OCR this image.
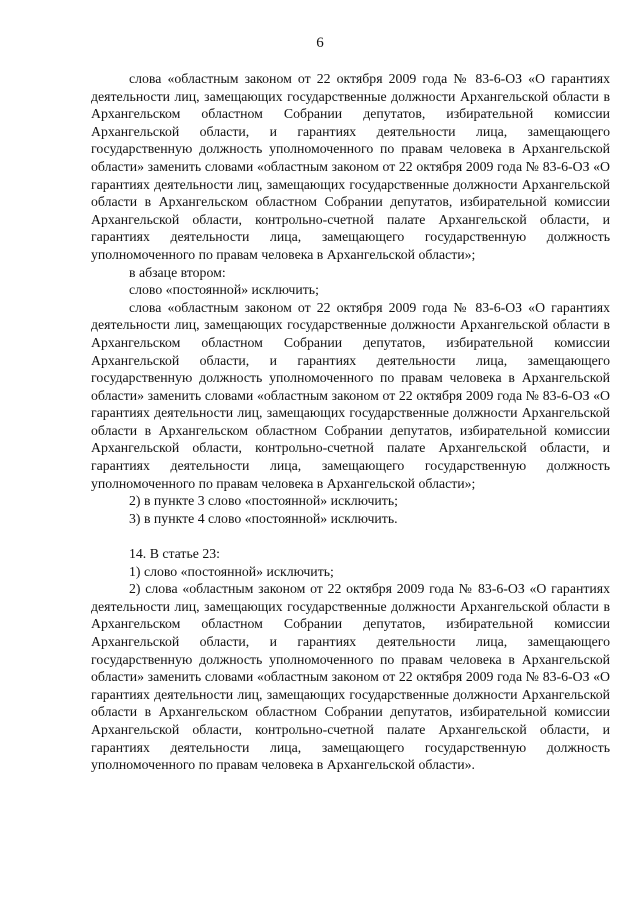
6

слова «областным законом от 22 октября 2009 года № 83-6-ОЗ «О гарантиях деятельности лиц, замещающих государственные должности Архангельской области в Архангельском областном Собрании депутатов, избирательной комиссии Архангельской области, и гарантиях деятельности лица, замещающего государственную должность уполномоченного по правам человека в Архангельской области» заменить словами «областным законом от 22 октября 2009 года № 83-6-ОЗ «О гарантиях деятельности лиц, замещающих государственные должности Архангельской области в Архангельском областном Собрании депутатов, избирательной комиссии Архангельской области, контрольно-счетной палате Архангельской области, и гарантиях деятельности лица, замещающего государственную должность уполномоченного по правам человека в Архангельской области»;

в абзаце втором:

слово «постоянной» исключить;

слова «областным законом от 22 октября 2009 года № 83-6-ОЗ «О гарантиях деятельности лиц, замещающих государственные должности Архангельской области в Архангельском областном Собрании депутатов, избирательной комиссии Архангельской области, и гарантиях деятельности лица, замещающего государственную должность уполномоченного по правам человека в Архангельской области» заменить словами «областным законом от 22 октября 2009 года № 83-6-ОЗ «О гарантиях деятельности лиц, замещающих государственные должности Архангельской области в Архангельском областном Собрании депутатов, избирательной комиссии Архангельской области, контрольно-счетной палате Архангельской области, и гарантиях деятельности лица, замещающего государственную должность уполномоченного по правам человека в Архангельской области»;

2) в пункте 3 слово «постоянной» исключить;

3) в пункте 4 слово «постоянной» исключить.

14. В статье 23:

1) слово «постоянной» исключить;

2) слова «областным законом от 22 октября 2009 года № 83-6-ОЗ «О гарантиях деятельности лиц, замещающих государственные должности Архангельской области в Архангельском областном Собрании депутатов, избирательной комиссии Архангельской области, и гарантиях деятельности лица, замещающего государственную должность уполномоченного по правам человека в Архангельской области» заменить словами «областным законом от 22 октября 2009 года № 83-6-ОЗ «О гарантиях деятельности лиц, замещающих государственные должности Архангельской области в Архангельском областном Собрании депутатов, избирательной комиссии Архангельской области, контрольно-счетной палате Архангельской области, и гарантиях деятельности лица, замещающего государственную должность уполномоченного по правам человека в Архангельской области».
